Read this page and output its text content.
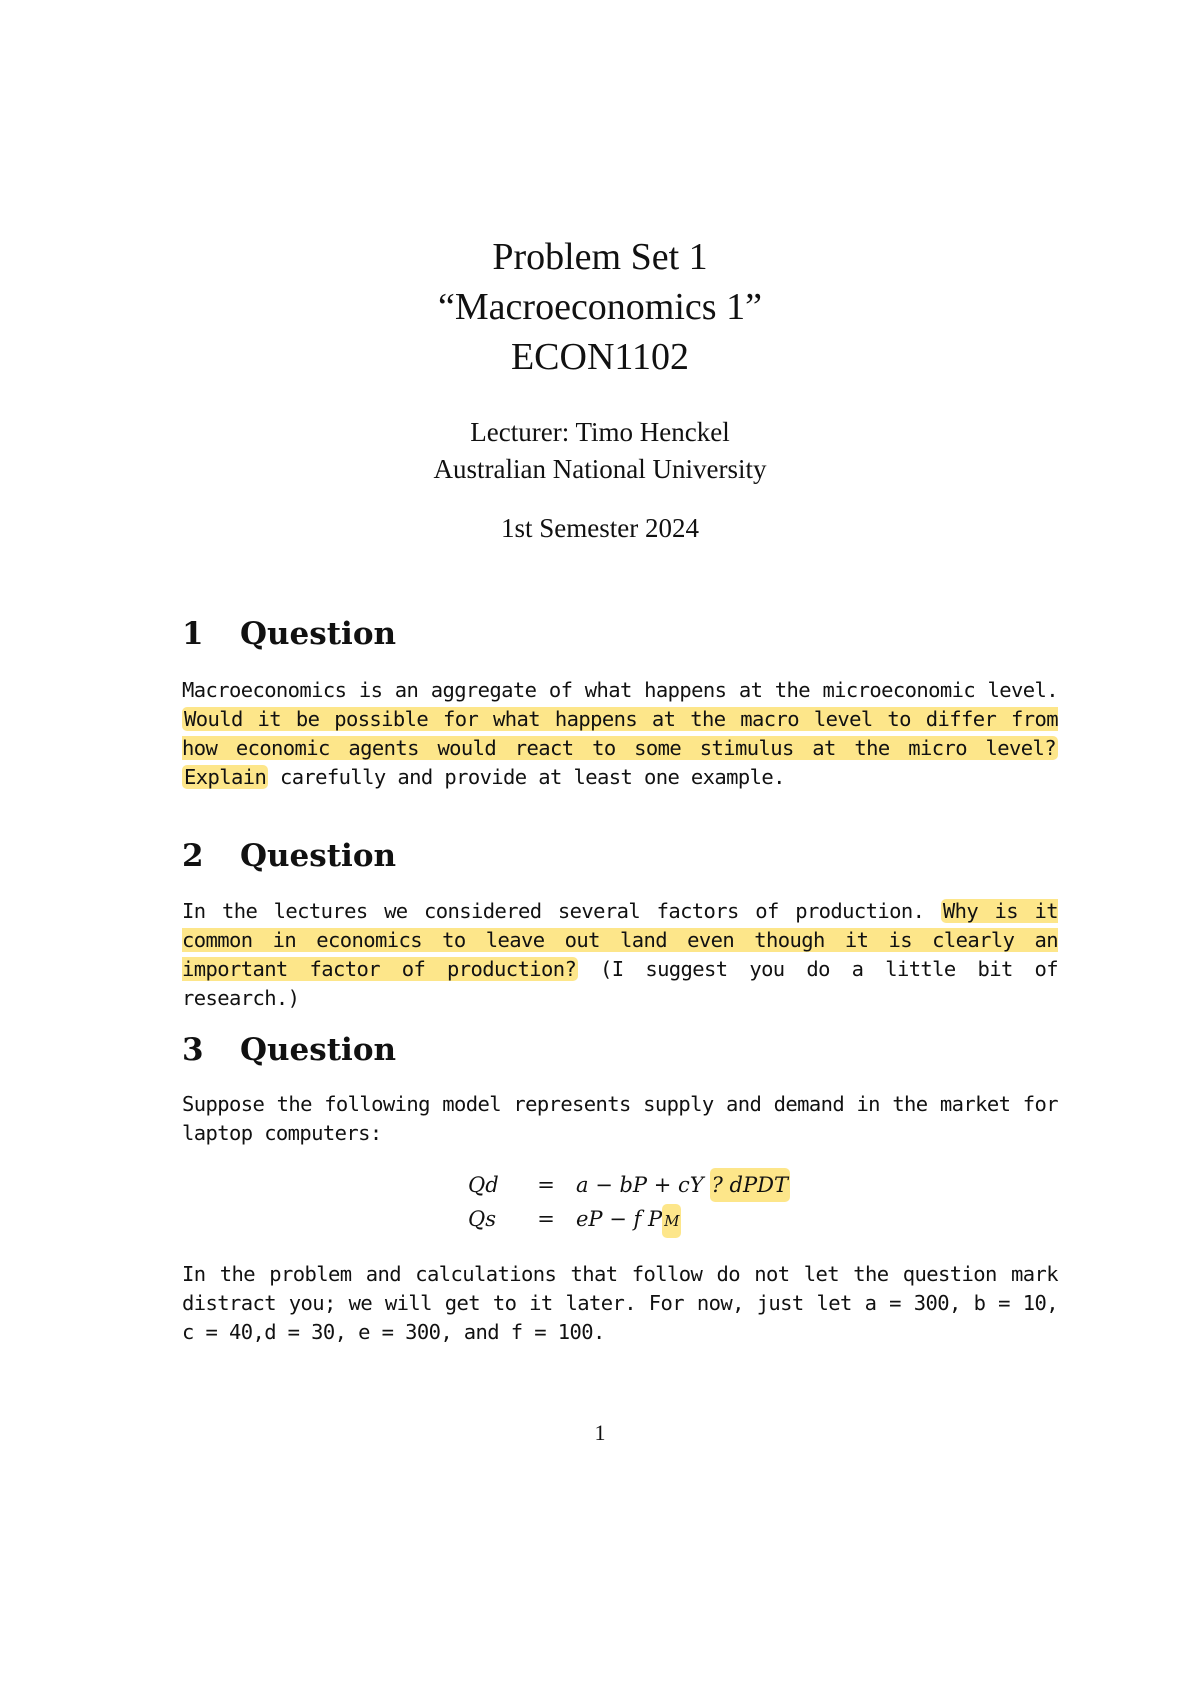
Problem Set 1
“Macroeconomics 1”
ECON1102
Lecturer: Timo Henckel
Australian National University
1st Semester 2024
1 Question
Macroeconomics is an aggregate of what happens at the microeconomic level. Would it be possible for what happens at the macro level to differ from how economic agents would react to some stimulus at the micro level? Explain carefully and provide at least one example.
2 Question
In the lectures we considered several factors of production. Why is it common in economics to leave out land even though it is clearly an important factor of production? (I suggest you do a little bit of research.)
3 Question
Suppose the following model represents supply and demand in the market for laptop computers:
Qd	=	a − bP + cY ? dPDT
Qs	=	eP − f P M
In the problem and calculations that follow do not let the question mark distract you; we will get to it later. For now, just let a = 300, b = 10, c = 40,d = 30, e = 300, and f = 100.
1
